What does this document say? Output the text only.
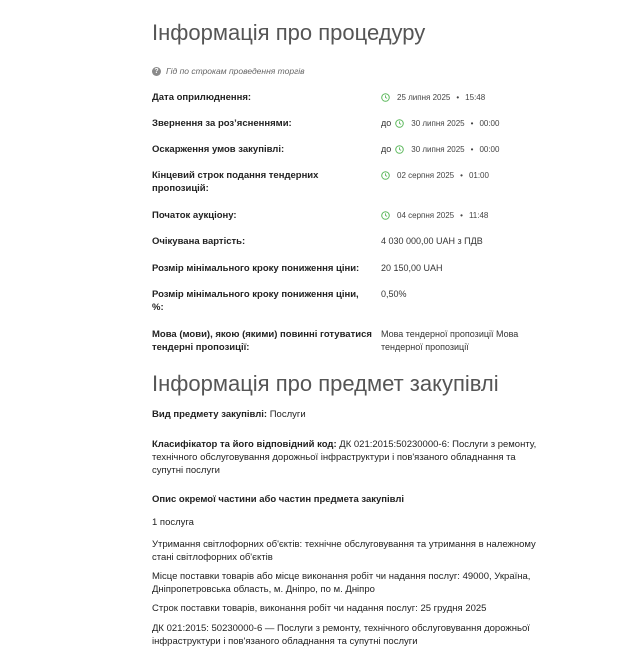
Інформація про процедуру
? Гід по строкам проведення торгів
Дата оприлюднення:	25 липня 2025 • 15:48
Звернення за роз’ясненнями:	до	30 липня 2025 • 00:00
Оскарження умов закупівлі:	до	30 липня 2025 • 00:00
Кінцевий строк подання тендерних пропозицій:
02 серпня 2025 • 01:00
Початок аукціону:	04 серпня 2025 • 11:48
Очікувана вартість:	4 030 000,00 UAH з ПДВ
Розмір мінімального кроку пониження ціни:	20 150,00 UAH
Розмір мінімального кроку пониження ціни, %:
0,50%
Мова (мови), якою (якими) повинні готуватися тендерні пропозиції:
Мова тендерної пропозиції Мова тендерної пропозиції
Інформація про предмет закупівлі
Вид предмету закупівлі: Послуги
Класифікатор та його відповідний код: ДК 021:2015:50230000-6: Послуги з ремонту, технічного обслуговування дорожньої інфраструктури і пов'язаного обладнання та супутні послуги
Опис окремої частини або частин предмета закупівлі
1 послуга
Утримання світлофорних об'єктів: технічне обслуговування та утримання в належному стані світлофорних об'єктів
Місце поставки товарів або місце виконання робіт чи надання послуг: 49000, Україна, Дніпропетровська область, м. Дніпро, по м. Дніпро
Строк поставки товарів, виконання робіт чи надання послуг: 25 грудня 2025
ДК 021:2015: 50230000-6 — Послуги з ремонту, технічного обслуговування дорожньої інфраструктури і пов'язаного обладнання та супутні послуги
